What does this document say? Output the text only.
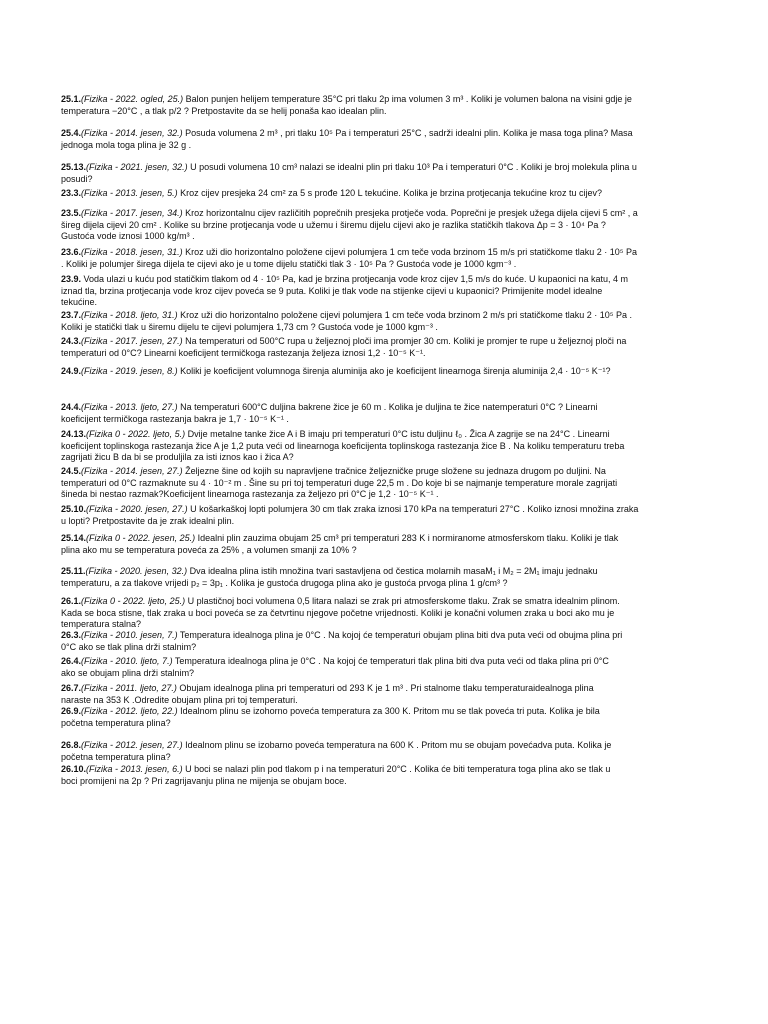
25.1.(Fizika - 2022. ogled, 25.) Balon punjen helijem temperature 35°C pri tlaku 2p ima volumen 3 m³ . Koliki je volumen balona na visini gdje je temperatura −20°C , a tlak p/2 ? Pretpostavite da se helij ponaša kao idealan plin.

25.4.(Fizika - 2014. jesen, 32.) Posuda volumena 2 m³ , pri tlaku 10⁵ Pa i temperaturi 25°C , sadrži idealni plin. Kolika je masa toga plina? Masa jednoga mola toga plina je 32 g .

25.13.(Fizika - 2021. jesen, 32.) U posudi volumena 10 cm³ nalazi se idealni plin pri tlaku 10³ Pa i temperaturi 0°C . Koliki je broj molekula plina u posudi?

23.3.(Fizika - 2013. jesen, 5.) Kroz cijev presjeka 24 cm² za 5 s prođe 120 L tekućine. Kolika je brzina protjecanja tekućine kroz tu cijev?

23.5.(Fizika - 2017. jesen, 34.) Kroz horizontalnu cijev različitih poprečnih presjeka protječe voda. Poprečni je presjek užega dijela cijevi 5 cm² , a šireg dijela cijevi 20 cm² . Kolike su brzine protjecanja vode u užemu i širemu dijelu cijevi ako je razlika statičkih tlakova Δp = 3 · 10⁴ Pa ? Gustoća vode iznosi 1000 kg/m³ .

23.6.(Fizika - 2018. jesen, 31.) Kroz uži dio horizontalno položene cijevi polumjera 1 cm teče voda brzinom 15 m/s pri statičkome tlaku 2 · 10⁵ Pa . Koliki je polumjer širega dijela te cijevi ako je u tome dijelu statički tlak 3 · 10⁵ Pa ? Gustoća vode je 1000 kgm⁻³ .

23.9. Voda ulazi u kuću pod statičkim tlakom od 4 · 10⁵ Pa, kad je brzina protjecanja vode kroz cijev 1,5 m/s do kuće. U kupaonici na katu, 4 m iznad tla, brzina protjecanja vode kroz cijev poveća se 9 puta. Koliki je tlak vode na stijenke cijevi u kupaonici? Primijenite model idealne tekućine.

23.7.(Fizika - 2018. ljeto, 31.) Kroz uži dio horizontalno položene cijevi polumjera 1 cm teče voda brzinom 2 m/s pri statičkome tlaku 2 · 10⁵ Pa . Koliki je statički tlak u širemu dijelu te cijevi polumjera 1,73 cm ? Gustoća vode je 1000 kgm⁻³ .

24.3.(Fizika - 2017. jesen, 27.) Na temperaturi od 500°C rupa u željeznoj ploči ima promjer 30 cm. Koliki je promjer te rupe u željeznoj ploči na temperaturi od 0°C? Linearni koeficijent termičkoga rastezanja željeza iznosi 1,2 · 10⁻⁵ K⁻¹.

24.9.(Fizika - 2019. jesen, 8.) Koliki je koeficijent volumnoga širenja aluminija ako je koeficijent linearnoga širenja aluminija 2,4 · 10⁻⁵ K⁻¹?

24.4.(Fizika - 2013. ljeto, 27.) Na temperaturi 600°C duljina bakrene žice je 60 m . Kolika je duljina te žice natemperaturi 0°C ? Linearni koeficijent termičkoga rastezanja bakra je 1,7 · 10⁻⁵ K⁻¹ .

24.13.(Fizika 0 - 2022. ljeto, 5.) Dvije metalne tanke žice A i B imaju pri temperaturi 0°C istu duljinu ℓ₀ . Žica A zagrije se na 24°C . Linearni koeficijent toplinskoga rastezanja žice A je 1,2 puta veći od linearnoga koeficijenta toplinskoga rastezanja žice B . Na koliku temperaturu treba zagrijati žicu B da bi se produljila za isti iznos kao i žica A?

24.5.(Fizika - 2014. jesen, 27.) Željezne šine od kojih su napravljene tračnice željezničke pruge složene su jednaza drugom po duljini. Na temperaturi od 0°C razmaknute su 4 · 10⁻² m . Šine su pri toj temperaturi duge 22,5 m . Do koje bi se najmanje temperature morale zagrijati šineda bi nestao razmak?Koeficijent linearnoga rastezanja za željezo pri 0°C je 1,2 · 10⁻⁵ K⁻¹ .

25.10.(Fizika - 2020. jesen, 27.) U košarkaškoj lopti polumjera 30 cm tlak zraka iznosi 170 kPa na temperaturi 27°C . Koliko iznosi množina zraka u lopti? Pretpostavite da je zrak idealni plin.

25.14.(Fizika 0 - 2022. jesen, 25.) Idealni plin zauzima obujam 25 cm³ pri temperaturi 283 K i normiranome atmosferskom tlaku. Koliki je tlak plina ako mu se temperatura poveća za 25% , a volumen smanji za 10% ?

25.11.(Fizika - 2020. jesen, 32.) Dva idealna plina istih množina tvari sastavljena od čestica molarnih masaM₁ i M₂ = 2M₁ imaju jednaku temperaturu, a za tlakove vrijedi p₂ = 3p₁ . Kolika je gustoća drugoga plina ako je gustoća prvoga plina 1 g/cm³ ?

26.1.(Fizika 0 - 2022. ljeto, 25.) U plastičnoj boci volumena 0,5 litara nalazi se zrak pri atmosferskome tlaku. Zrak se smatra idealnim plinom. Kada se boca stisne, tlak zraka u boci poveća se za četvrtinu njegove početne vrijednosti. Koliki je konačni volumen zraka u boci ako mu je temperatura stalna?

26.3.(Fizika - 2010. jesen, 7.) Temperatura idealnoga plina je 0°C . Na kojoj će temperaturi obujam plina biti dva puta veći od obujma plina pri 0°C ako se tlak plina drži stalnim?

26.4.(Fizika - 2010. ljeto, 7.) Temperatura idealnoga plina je 0°C . Na kojoj će temperaturi tlak plina biti dva puta veći od tlaka plina pri 0°C ako se obujam plina drži stalnim?

26.7.(Fizika - 2011. ljeto, 27.) Obujam idealnoga plina pri temperaturi od 293 K je 1 m³ . Pri stalnome tlaku temperaturaidealnoga plina naraste na 353 K .Odredite obujam plina pri toj temperaturi.

26.9.(Fizika - 2012. ljeto, 22.) Idealnom plinu se izohorno poveća temperatura za 300 K. Pritom mu se tlak poveća tri puta. Kolika je bila početna temperatura plina?

26.8.(Fizika - 2012. jesen, 27.) Idealnom plinu se izobarno poveća temperatura na 600 K . Pritom mu se obujam povećadva puta. Kolika je početna temperatura plina?

26.10.(Fizika - 2013. jesen, 6.) U boci se nalazi plin pod tlakom p i na temperaturi 20°C . Kolika će biti temperatura toga plina ako se tlak u boci promijeni na 2p ? Pri zagrijavanju plina ne mijenja se obujam boce.
